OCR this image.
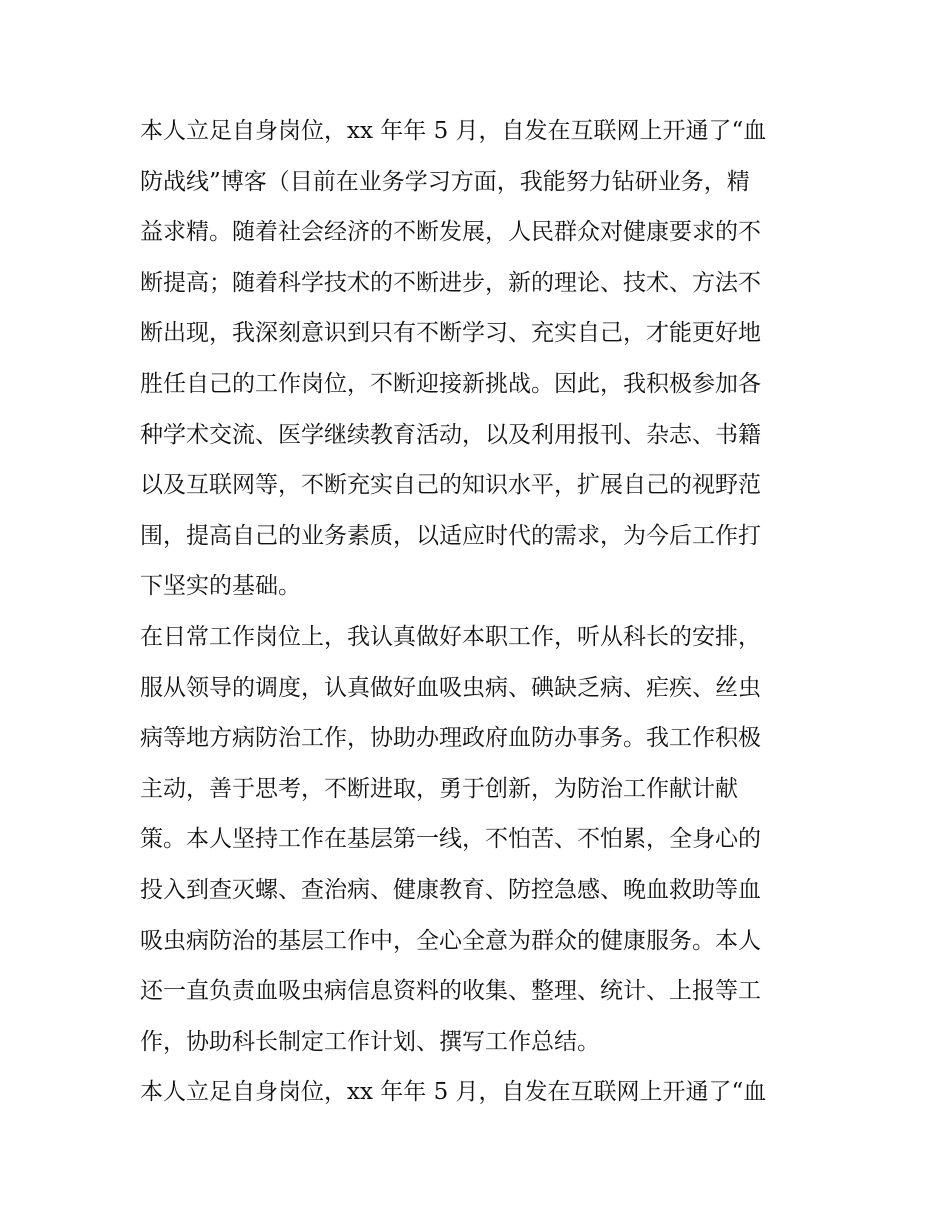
本人立足自身岗位，xx 年年 5 月，自发在互联网上开通了“血
防战线”博客（目前在业务学习方面，我能努力钻研业务，精
益求精。随着社会经济的不断发展，人民群众对健康要求的不
断提高；随着科学技术的不断进步，新的理论、技术、方法不
断出现，我深刻意识到只有不断学习、充实自己，才能更好地
胜任自己的工作岗位，不断迎接新挑战。因此，我积极参加各
种学术交流、医学继续教育活动，以及利用报刊、杂志、书籍
以及互联网等，不断充实自己的知识水平，扩展自己的视野范
围，提高自己的业务素质，以适应时代的需求，为今后工作打
下坚实的基础。
在日常工作岗位上，我认真做好本职工作，听从科长的安排，
服从领导的调度，认真做好血吸虫病、碘缺乏病、疟疾、丝虫
病等地方病防治工作，协助办理政府血防办事务。我工作积极
主动，善于思考，不断进取，勇于创新，为防治工作献计献
策。本人坚持工作在基层第一线，不怕苦、不怕累，全身心的
投入到查灭螺、查治病、健康教育、防控急感、晚血救助等血
吸虫病防治的基层工作中，全心全意为群众的健康服务。本人
还一直负责血吸虫病信息资料的收集、整理、统计、上报等工
作，协助科长制定工作计划、撰写工作总结。
本人立足自身岗位，xx 年年 5 月，自发在互联网上开通了“血
